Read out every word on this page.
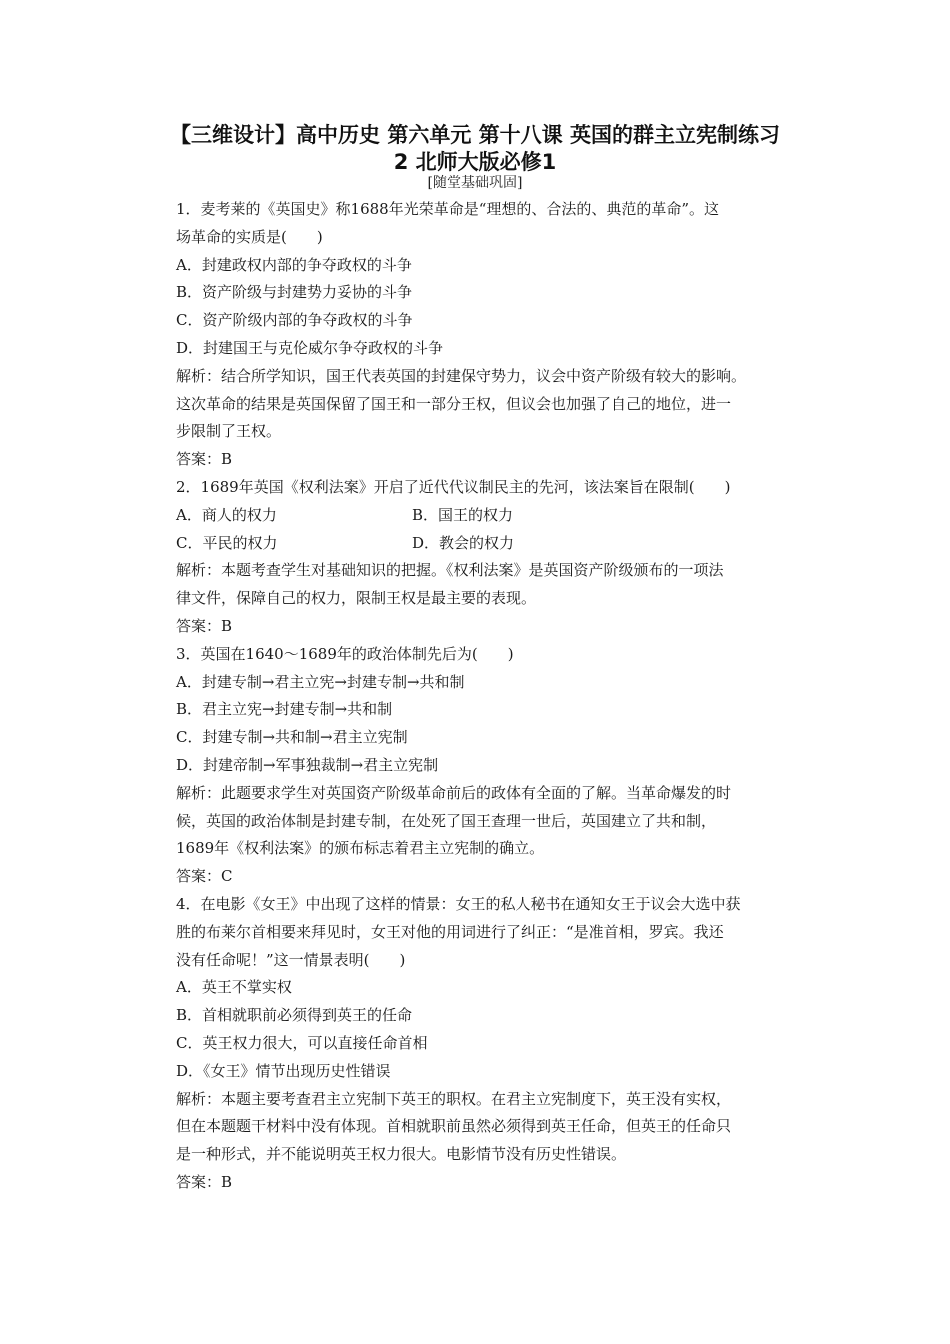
【三维设计】高中历史 第六单元 第十八课 英国的群主立宪制练习
2 北师大版必修1
[随堂基础巩固]

1．麦考莱的《英国史》称1688年光荣革命是“理想的、合法的、典范的革命”。这

场革命的实质是(　　)

A．封建政权内部的争夺政权的斗争

B．资产阶级与封建势力妥协的斗争

C．资产阶级内部的争夺政权的斗争

D．封建国王与克伦威尔争夺政权的斗争

解析：结合所学知识，国王代表英国的封建保守势力，议会中资产阶级有较大的影响。

这次革命的结果是英国保留了国王和一部分王权，但议会也加强了自己的地位，进一

步限制了王权。

答案：B

2．1689年英国《权利法案》开启了近代代议制民主的先河，该法案旨在限制(　　)

A．商人的权力	B．国王的权力
C．平民的权力	D．教会的权力

解析：本题考查学生对基础知识的把握。《权利法案》是英国资产阶级颁布的一项法

律文件，保障自己的权力，限制王权是最主要的表现。

答案：B

3．英国在1640～1689年的政治体制先后为(　　)

A．封建专制→君主立宪→封建专制→共和制

B．君主立宪→封建专制→共和制

C．封建专制→共和制→君主立宪制

D．封建帝制→军事独裁制→君主立宪制

解析：此题要求学生对英国资产阶级革命前后的政体有全面的了解。当革命爆发的时

候，英国的政治体制是封建专制，在处死了国王查理一世后，英国建立了共和制，

1689年《权利法案》的颁布标志着君主立宪制的确立。

答案：C

4．在电影《女王》中出现了这样的情景：女王的私人秘书在通知女王于议会大选中获

胜的布莱尔首相要来拜见时，女王对他的用词进行了纠正：“是准首相，罗宾。我还

没有任命呢！”这一情景表明(　　)

A．英王不掌实权

B．首相就职前必须得到英王的任命

C．英王权力很大，可以直接任命首相

D．《女王》情节出现历史性错误

解析：本题主要考查君主立宪制下英王的职权。在君主立宪制度下，英王没有实权，

但在本题题干材料中没有体现。首相就职前虽然必须得到英王任命，但英王的任命只

是一种形式，并不能说明英王权力很大。电影情节没有历史性错误。

答案：B
